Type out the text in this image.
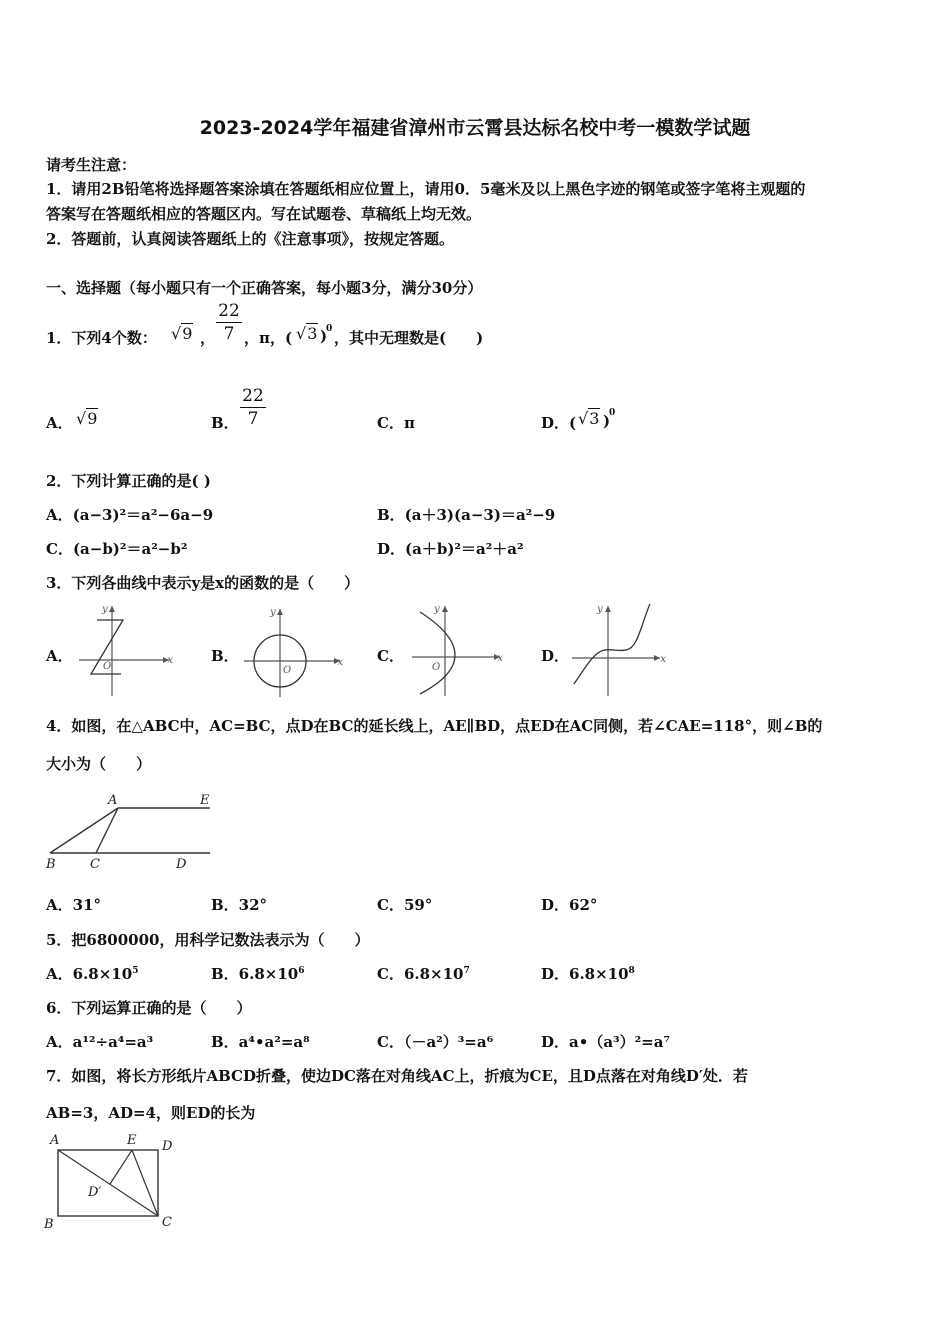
2023-2024学年福建省漳州市云霄县达标名校中考一模数学试题
请考生注意：
1．请用2B铅笔将选择题答案涂填在答题纸相应位置上，请用0．5毫米及以上黑色字迹的钢笔或签字笔将主观题的
答案写在答题纸相应的答题区内。写在试题卷、草稿纸上均无效。
2．答题前，认真阅读答题纸上的《注意事项》，按规定答题。
一、选择题（每小题只有一个正确答案，每小题3分，满分30分）
1．下列4个数： √9 ，
22
7 ，π，( √3 )
0 ，其中无理数是(　　)
A． √9	B．
22
7	C．π	D．( √3 )
0
2．下列计算正确的是( )
A．(a−3)²＝a²−6a−9	B．(a＋3)(a−3)＝a²−9
C．(a−b)²＝a²−b²	D．(a＋b)²＝a²＋a²
3．下列各曲线中表示y是x的函数的是（　　）
A．	x
y
O
B．	x
y
O
C．	x
y
O
D．	x
y
4．如图，在△ABC中，AC=BC，点D在BC的延长线上，AE∥BD，点ED在AC同侧，若∠CAE=118°，则∠B的
大小为（　　）
A	E
B	C	D
A．31°	B．32°	C．59°	D．62°
5．把6800000，用科学记数法表示为（　　）
A．$6.8\times 10^5$	B．$6.8\times 10^6$	C．$6.8\times 10^7$	D．$6.8\times 10^8$
6．下列运算正确的是（　　）
A．a¹²÷a⁴=a³	B．a⁴•a²=a⁸	C．（－a²）³=a⁶	D．a•（a³）²=a⁷
7．如图，将长方形纸片ABCD折叠，使边DC落在对角线AC上，折痕为CE，且D点落在对角线D′处．若
AB=3，AD=4，则ED的长为
A	E D
D′
B	C
